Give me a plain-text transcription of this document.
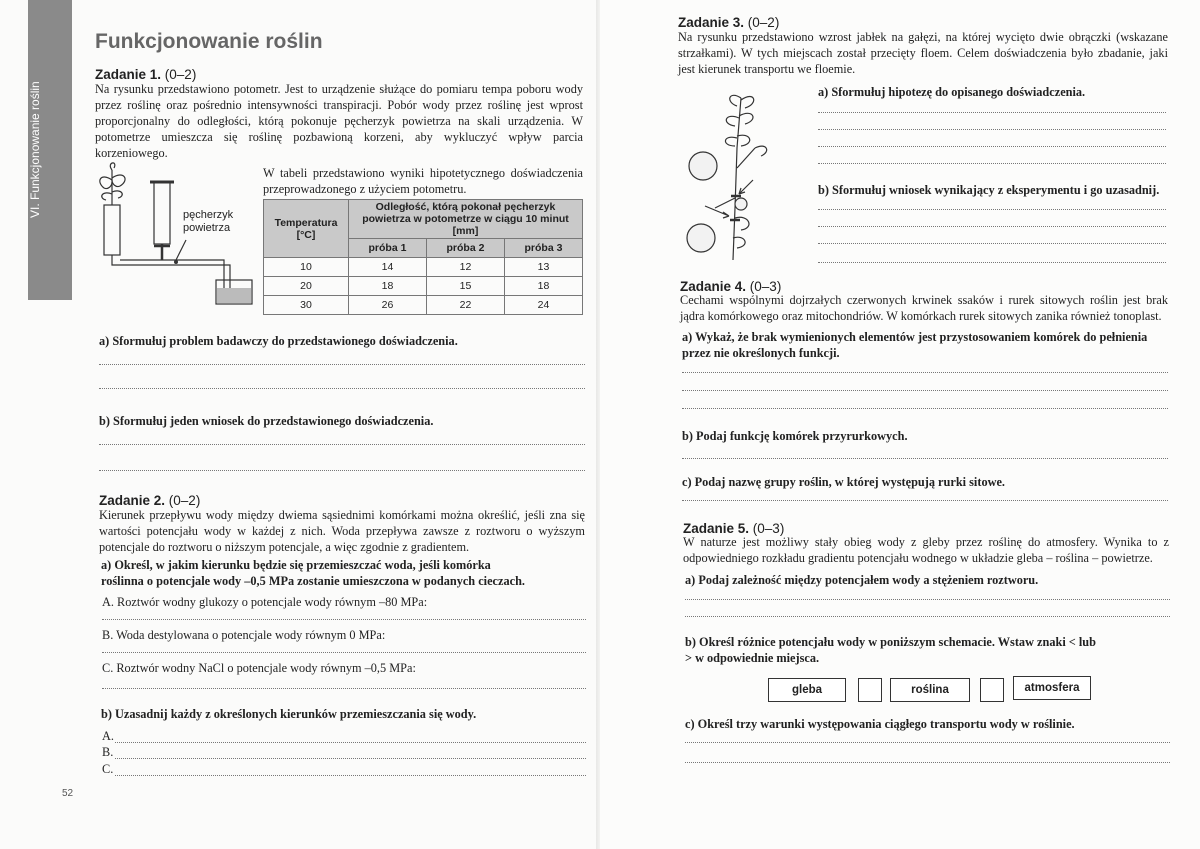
VI. Funkcjonowanie roślin
Funkcjonowanie roślin
Zadanie 1. (0–2)
Na rysunku przedstawiono potometr. Jest to urządzenie służące do pomiaru tempa poboru wody przez roślinę oraz pośrednio intensywności transpiracji. Pobór wody przez roślinę jest wprost proporcjonalny do odległości, którą pokonuje pęcherzyk powietrza na skali urządzenia. W potometrze umieszcza się roślinę pozbawioną korzeni, aby wykluczyć wpływ parcia korzeniowego.
pęcherzyk powietrza
W tabeli przedstawiono wyniki hipotetycznego doświadczenia przeprowadzonego z użyciem potometru.
Temperatura [°C]	Odległość, którą pokonał pęcherzyk powietrza w potometrze w ciągu 10 minut [mm]		
	próba 1	próba 2	próba 3
10	14	12	13
20	18	15	18
30	26	22	24
a) Sformułuj problem badawczy do przedstawionego doświadczenia.
b) Sformułuj jeden wniosek do przedstawionego doświadczenia.
Zadanie 2. (0–2)
Kierunek przepływu wody między dwiema sąsiednimi komórkami można określić, jeśli zna się wartości potencjału wody w każdej z nich. Woda przepływa zawsze z roztworu o wyższym potencjale do roztworu o niższym potencjale, a więc zgodnie z gradientem.
a) Określ, w jakim kierunku będzie się przemieszczać woda, jeśli komórka roślinna o potencjale wody –0,5 MPa zostanie umieszczona w podanych cieczach.
A. Roztwór wodny glukozy o potencjale wody równym –80 MPa:
B. Woda destylowana o potencjale wody równym 0 MPa:
C. Roztwór wodny NaCl o potencjale wody równym –0,5 MPa:
b) Uzasadnij każdy z określonych kierunków przemieszczania się wody.
A.
B.
C.
52
Zadanie 3. (0–2)
Na rysunku przedstawiono wzrost jabłek na gałęzi, na której wycięto dwie obrączki (wskazane strzałkami). W tych miejscach został przecięty floem. Celem doświadczenia było zbadanie, jaki jest kierunek transportu we floemie.
a) Sformułuj hipotezę do opisanego doświadczenia.
b) Sformułuj wniosek wynikający z eksperymentu i go uzasadnij.
Zadanie 4. (0–3)
Cechami wspólnymi dojrzałych czerwonych krwinek ssaków i rurek sitowych roślin jest brak jądra komórkowego oraz mitochondriów. W komórkach rurek sitowych zanika również tonoplast.
a) Wykaż, że brak wymienionych elementów jest przystosowaniem komórek do pełnienia przez nie określonych funkcji.
b) Podaj funkcję komórek przyrurkowych.
c) Podaj nazwę grupy roślin, w której występują rurki sitowe.
Zadanie 5. (0–3)
W naturze jest możliwy stały obieg wody z gleby przez roślinę do atmosfery. Wynika to z odpowiedniego rozkładu gradientu potencjału wodnego w układzie gleba – roślina – powietrze.
a) Podaj zależność między potencjałem wody a stężeniem roztworu.
b) Określ różnice potencjału wody w poniższym schemacie. Wstaw znaki < lub > w odpowiednie miejsca.
gleba	roślina	atmosfera
c) Określ trzy warunki występowania ciągłego transportu wody w roślinie.
